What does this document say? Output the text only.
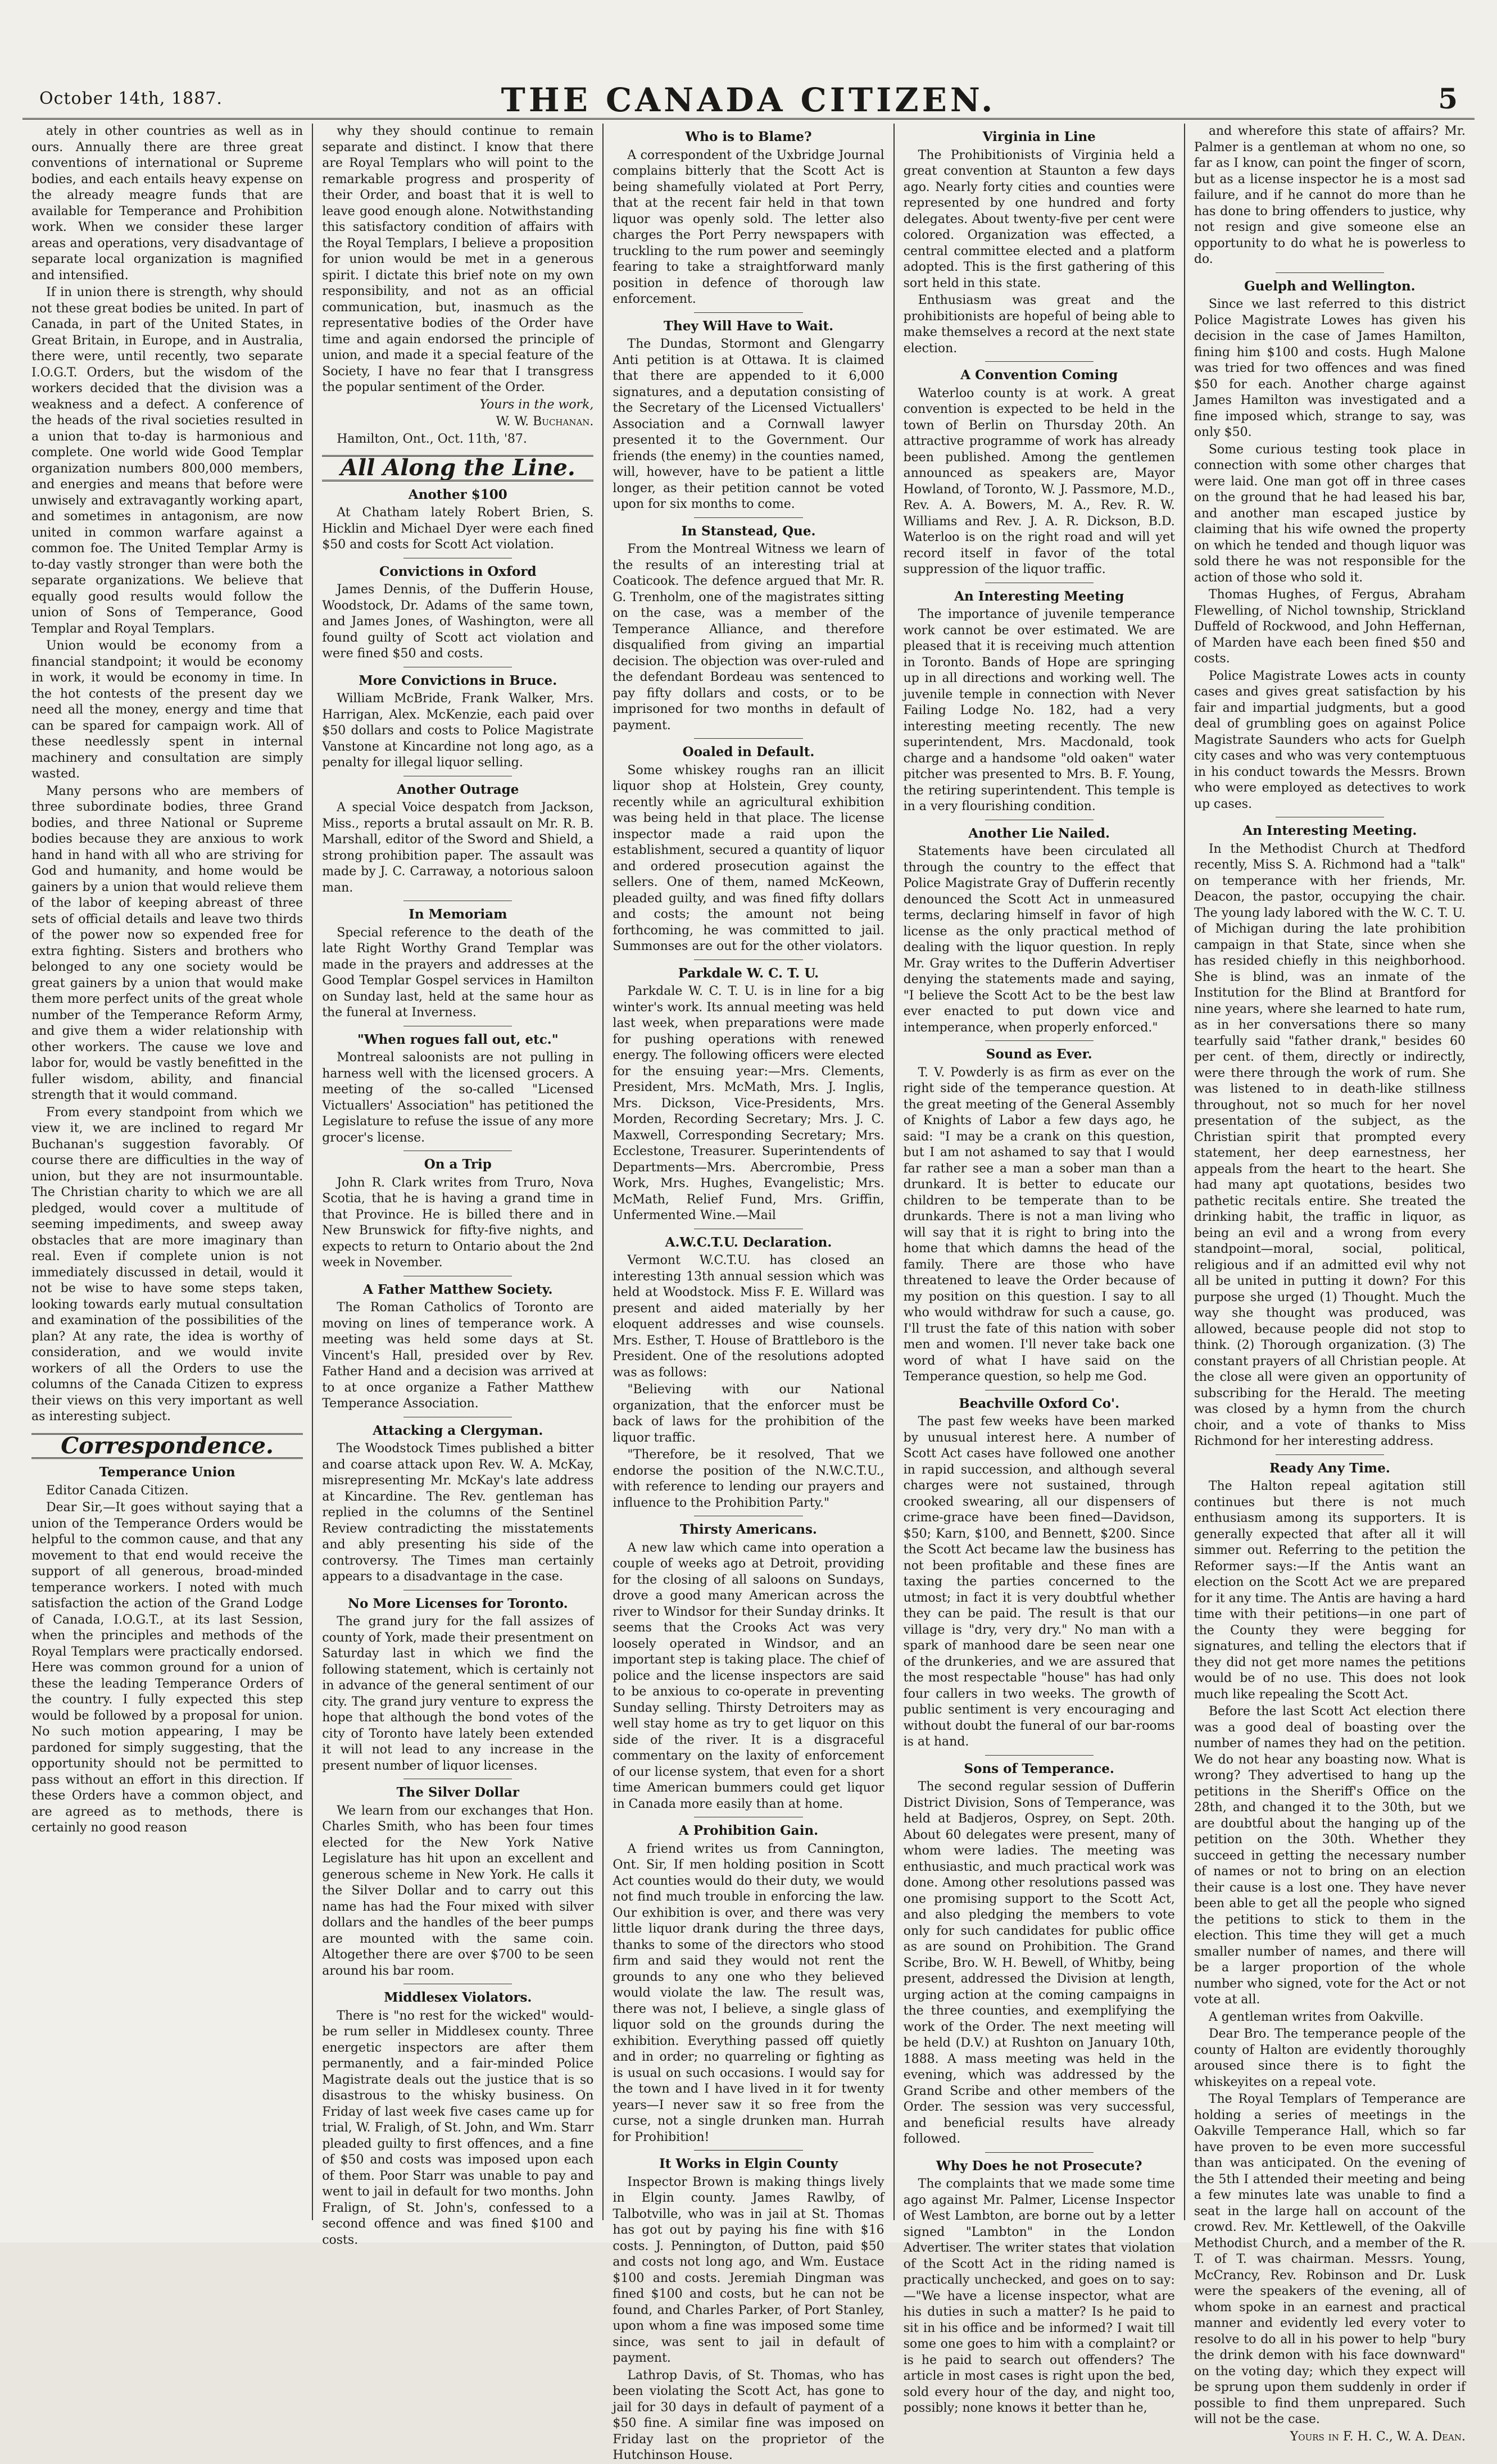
October 14th, 1887.	THE CANADA CITIZEN.	5

ately in other countries as well as in ours. Annually there are three great conventions of international or Supreme bodies, and each entails heavy expense on the already meagre funds that are available for Temperance and Prohibition work. When we consider these larger areas and operations, very disadvantage of separate local organization is magnified and intensified.

If in union there is strength, why should not these great bodies be united. In part of Canada, in part of the United States, in Great Britain, in Europe, and in Australia, there were, until recently, two separate I.O.G.T. Orders, but the wisdom of the workers decided that the division was a weakness and a defect. A conference of the heads of the rival societies resulted in a union that to-day is harmonious and complete. One world wide Good Templar organization numbers 800,000 members, and energies and means that before were unwisely and extravagantly working apart, and sometimes in antagonism, are now united in common warfare against a common foe. The United Templar Army is to-day vastly stronger than were both the separate organizations. We believe that equally good results would follow the union of Sons of Temperance, Good Templar and Royal Templars.

Union would be economy from a financial standpoint; it would be economy in work, it would be economy in time. In the hot contests of the present day we need all the money, energy and time that can be spared for campaign work. All of these needlessly spent in internal machinery and consultation are simply wasted.

Many persons who are members of three subordinate bodies, three Grand bodies, and three National or Supreme bodies because they are anxious to work hand in hand with all who are striving for God and humanity, and home would be gainers by a union that would relieve them of the labor of keeping abreast of three sets of official details and leave two thirds of the power now so expended free for extra fighting. Sisters and brothers who belonged to any one society would be great gainers by a union that would make them more perfect units of the great whole number of the Temperance Reform Army, and give them a wider relationship with other workers. The cause we love and labor for, would be vastly benefitted in the fuller wisdom, ability, and financial strength that it would command.

From every standpoint from which we view it, we are inclined to regard Mr Buchanan's suggestion favorably. Of course there are difficulties in the way of union, but they are not insurmountable. The Christian charity to which we are all pledged, would cover a multitude of seeming impediments, and sweep away obstacles that are more imaginary than real. Even if complete union is not immediately discussed in detail, would it not be wise to have some steps taken, looking towards early mutual consultation and examination of the possibilities of the plan? At any rate, the idea is worthy of consideration, and we would invite workers of all the Orders to use the columns of the Canada Citizen to express their views on this very important as well as interesting subject.

Correspondence.
Temperance Union

Editor Canada Citizen.

Dear Sir,—It goes without saying that a union of the Temperance Orders would be helpful to the common cause, and that any movement to that end would receive the support of all generous, broad-minded temperance workers. I noted with much satisfaction the action of the Grand Lodge of Canada, I.O.G.T., at its last Session, when the principles and methods of the Royal Templars were practically endorsed. Here was common ground for a union of these the leading Temperance Orders of the country. I fully expected this step would be followed by a proposal for union. No such motion appearing, I may be pardoned for simply suggesting, that the opportunity should not be permitted to pass without an effort in this direction. If these Orders have a common object, and are agreed as to methods, there is certainly no good reason

why they should continue to remain separate and distinct. I know that there are Royal Templars who will point to the remarkable progress and prosperity of their Order, and boast that it is well to leave good enough alone. Notwithstanding this satisfactory condition of affairs with the Royal Templars, I believe a proposition for union would be met in a generous spirit. I dictate this brief note on my own responsibility, and not as an official communication, but, inasmuch as the representative bodies of the Order have time and again endorsed the principle of union, and made it a special feature of the Society, I have no fear that I transgress the popular sentiment of the Order.

Yours in the work,

W. W. Buchanan.

Hamilton, Ont., Oct. 11th, '87.

All Along the Line.
Another $100

At Chatham lately Robert Brien, S. Hicklin and Michael Dyer were each fined $50 and costs for Scott Act violation.

Convictions in Oxford

James Dennis, of the Dufferin House, Woodstock, Dr. Adams of the same town, and James Jones, of Washington, were all found guilty of Scott act violation and were fined $50 and costs.

More Convictions in Bruce.

William McBride, Frank Walker, Mrs. Harrigan, Alex. McKenzie, each paid over $50 dollars and costs to Police Magistrate Vanstone at Kincardine not long ago, as a penalty for illegal liquor selling.

Another Outrage

A special Voice despatch from Jackson, Miss., reports a brutal assault on Mr. R. B. Marshall, editor of the Sword and Shield, a strong prohibition paper. The assault was made by J. C. Carraway, a notorious saloon man.

In Memoriam

Special reference to the death of the late Right Worthy Grand Templar was made in the prayers and addresses at the Good Templar Gospel services in Hamilton on Sunday last, held at the same hour as the funeral at Inverness.

"When rogues fall out, etc."

Montreal saloonists are not pulling in harness well with the licensed grocers. A meeting of the so-called "Licensed Victuallers' Association" has petitioned the Legislature to refuse the issue of any more grocer's license.

On a Trip

John R. Clark writes from Truro, Nova Scotia, that he is having a grand time in that Province. He is billed there and in New Brunswick for fifty-five nights, and expects to return to Ontario about the 2nd week in November.

A Father Matthew Society.

The Roman Catholics of Toronto are moving on lines of temperance work. A meeting was held some days at St. Vincent's Hall, presided over by Rev. Father Hand and a decision was arrived at to at once organize a Father Matthew Temperance Association.

Attacking a Clergyman.

The Woodstock Times published a bitter and coarse attack upon Rev. W. A. McKay, misrepresenting Mr. McKay's late address at Kincardine. The Rev. gentleman has replied in the columns of the Sentinel Review contradicting the misstatements and ably presenting his side of the controversy. The Times man certainly appears to a disadvantage in the case.

No More Licenses for Toronto.

The grand jury for the fall assizes of county of York, made their presentment on Saturday last in which we find the following statement, which is certainly not in advance of the general sentiment of our city. The grand jury venture to express the hope that although the bond votes of the city of Toronto have lately been extended it will not lead to any increase in the present number of liquor licenses.

The Silver Dollar

We learn from our exchanges that Hon. Charles Smith, who has been four times elected for the New York Native Legislature has hit upon an excellent and generous scheme in New York. He calls it the Silver Dollar and to carry out this name has had the Four mixed with silver dollars and the handles of the beer pumps are mounted with the same coin. Altogether there are over $700 to be seen around his bar room.

Middlesex Violators.

There is "no rest for the wicked" would-be rum seller in Middlesex county. Three energetic inspectors are after them permanently, and a fair-minded Police Magistrate deals out the justice that is so disastrous to the whisky business. On Friday of last week five cases came up for trial, W. Fraligh, of St. John, and Wm. Starr pleaded guilty to first offences, and a fine of $50 and costs was imposed upon each of them. Poor Starr was unable to pay and went to jail in default for two months. John Fralign, of St. John's, confessed to a second offence and was fined $100 and costs.

Who is to Blame?

A correspondent of the Uxbridge Journal complains bitterly that the Scott Act is being shamefully violated at Port Perry, that at the recent fair held in that town liquor was openly sold. The letter also charges the Port Perry newspapers with truckling to the rum power and seemingly fearing to take a straightforward manly position in defence of thorough law enforcement.

They Will Have to Wait.

The Dundas, Stormont and Glengarry Anti petition is at Ottawa. It is claimed that there are appended to it 6,000 signatures, and a deputation consisting of the Secretary of the Licensed Victuallers' Association and a Cornwall lawyer presented it to the Government. Our friends (the enemy) in the counties named, will, however, have to be patient a little longer, as their petition cannot be voted upon for six months to come.

In Stanstead, Que.

From the Montreal Witness we learn of the results of an interesting trial at Coaticook. The defence argued that Mr. R. G. Trenholm, one of the magistrates sitting on the case, was a member of the Temperance Alliance, and therefore disqualified from giving an impartial decision. The objection was over-ruled and the defendant Bordeau was sentenced to pay fifty dollars and costs, or to be imprisoned for two months in default of payment.

Ooaled in Default.

Some whiskey roughs ran an illicit liquor shop at Holstein, Grey county, recently while an agricultural exhibition was being held in that place. The license inspector made a raid upon the establishment, secured a quantity of liquor and ordered prosecution against the sellers. One of them, named McKeown, pleaded guilty, and was fined fifty dollars and costs; the amount not being forthcoming, he was committed to jail. Summonses are out for the other violators.

Parkdale W. C. T. U.

Parkdale W. C. T. U. is in line for a big winter's work. Its annual meeting was held last week, when preparations were made for pushing operations with renewed energy. The following officers were elected for the ensuing year:—Mrs. Clements, President, Mrs. McMath, Mrs. J. Inglis, Mrs. Dickson, Vice-Presidents, Mrs. Morden, Recording Secretary; Mrs. J. C. Maxwell, Corresponding Secretary; Mrs. Ecclestone, Treasurer. Superintendents of Departments—Mrs. Abercrombie, Press Work, Mrs. Hughes, Evangelistic; Mrs. McMath, Relief Fund, Mrs. Griffin, Unfermented Wine.—Mail

A.W.C.T.U. Declaration.

Vermont W.C.T.U. has closed an interesting 13th annual session which was held at Woodstock. Miss F. E. Willard was present and aided materially by her eloquent addresses and wise counsels. Mrs. Esther, T. House of Brattleboro is the President. One of the resolutions adopted was as follows:

"Believing with our National organization, that the enforcer must be back of laws for the prohibition of the liquor traffic.

"Therefore, be it resolved, That we endorse the position of the N.W.C.T.U., with reference to lending our prayers and influence to the Prohibition Party."

Thirsty Americans.

A new law which came into operation a couple of weeks ago at Detroit, providing for the closing of all saloons on Sundays, drove a good many American across the river to Windsor for their Sunday drinks. It seems that the Crooks Act was very loosely operated in Windsor, and an important step is taking place. The chief of police and the license inspectors are said to be anxious to co-operate in preventing Sunday selling. Thirsty Detroiters may as well stay home as try to get liquor on this side of the river. It is a disgraceful commentary on the laxity of enforcement of our license system, that even for a short time American bummers could get liquor in Canada more easily than at home.

A Prohibition Gain.

A friend writes us from Cannington, Ont. Sir, If men holding position in Scott Act counties would do their duty, we would not find much trouble in enforcing the law. Our exhibition is over, and there was very little liquor drank during the three days, thanks to some of the directors who stood firm and said they would not rent the grounds to any one who they believed would violate the law. The result was, there was not, I believe, a single glass of liquor sold on the grounds during the exhibition. Everything passed off quietly and in order; no quarreling or fighting as is usual on such occasions. I would say for the town and I have lived in it for twenty years—I never saw it so free from the curse, not a single drunken man. Hurrah for Prohibition!

It Works in Elgin County

Inspector Brown is making things lively in Elgin county. James Rawlby, of Talbotville, who was in jail at St. Thomas has got out by paying his fine with $16 costs. J. Pennington, of Dutton, paid $50 and costs not long ago, and Wm. Eustace $100 and costs. Jeremiah Dingman was fined $100 and costs, but he can not be found, and Charles Parker, of Port Stanley, upon whom a fine was imposed some time since, was sent to jail in default of payment.

Lathrop Davis, of St. Thomas, who has been violating the Scott Act, has gone to jail for 30 days in default of payment of a $50 fine. A similar fine was imposed on Friday last on the proprietor of the Hutchinson House.

Virginia in Line

The Prohibitionists of Virginia held a great convention at Staunton a few days ago. Nearly forty cities and counties were represented by one hundred and forty delegates. About twenty-five per cent were colored. Organization was effected, a central committee elected and a platform adopted. This is the first gathering of this sort held in this state.

Enthusiasm was great and the prohibitionists are hopeful of being able to make themselves a record at the next state election.

A Convention Coming

Waterloo county is at work. A great convention is expected to be held in the town of Berlin on Thursday 20th. An attractive programme of work has already been published. Among the gentlemen announced as speakers are, Mayor Howland, of Toronto, W. J. Passmore, M.D., Rev. A. A. Bowers, M. A., Rev. R. W. Williams and Rev. J. A. R. Dickson, B.D. Waterloo is on the right road and will yet record itself in favor of the total suppression of the liquor traffic.

An Interesting Meeting

The importance of juvenile temperance work cannot be over estimated. We are pleased that it is receiving much attention in Toronto. Bands of Hope are springing up in all directions and working well. The juvenile temple in connection with Never Failing Lodge No. 182, had a very interesting meeting recently. The new superintendent, Mrs. Macdonald, took charge and a handsome "old oaken" water pitcher was presented to Mrs. B. F. Young, the retiring superintendent. This temple is in a very flourishing condition.

Another Lie Nailed.

Statements have been circulated all through the country to the effect that Police Magistrate Gray of Dufferin recently denounced the Scott Act in unmeasured terms, declaring himself in favor of high license as the only practical method of dealing with the liquor question. In reply Mr. Gray writes to the Dufferin Advertiser denying the statements made and saying, "I believe the Scott Act to be the best law ever enacted to put down vice and intemperance, when properly enforced."

Sound as Ever.

T. V. Powderly is as firm as ever on the right side of the temperance question. At the great meeting of the General Assembly of Knights of Labor a few days ago, he said: "I may be a crank on this question, but I am not ashamed to say that I would far rather see a man a sober man than a drunkard. It is better to educate our children to be temperate than to be drunkards. There is not a man living who will say that it is right to bring into the home that which damns the head of the family. There are those who have threatened to leave the Order because of my position on this question. I say to all who would withdraw for such a cause, go. I'll trust the fate of this nation with sober men and women. I'll never take back one word of what I have said on the Temperance question, so help me God.

Beachville Oxford Co'.

The past few weeks have been marked by unusual interest here. A number of Scott Act cases have followed one another in rapid succession, and although several charges were not sustained, through crooked swearing, all our dispensers of crime-grace have been fined—Davidson, $50; Karn, $100, and Bennett, $200. Since the Scott Act became law the business has not been profitable and these fines are taxing the parties concerned to the utmost; in fact it is very doubtful whether they can be paid. The result is that our village is "dry, very dry." No man with a spark of manhood dare be seen near one of the drunkeries, and we are assured that the most respectable "house" has had only four callers in two weeks. The growth of public sentiment is very encouraging and without doubt the funeral of our bar-rooms is at hand.

Sons of Temperance.

The second regular session of Dufferin District Division, Sons of Temperance, was held at Badjeros, Osprey, on Sept. 20th. About 60 delegates were present, many of whom were ladies. The meeting was enthusiastic, and much practical work was done. Among other resolutions passed was one promising support to the Scott Act, and also pledging the members to vote only for such candidates for public office as are sound on Prohibition. The Grand Scribe, Bro. W. H. Bewell, of Whitby, being present, addressed the Division at length, urging action at the coming campaigns in the three counties, and exemplifying the work of the Order. The next meeting will be held (D.V.) at Rushton on January 10th, 1888. A mass meeting was held in the evening, which was addressed by the Grand Scribe and other members of the Order. The session was very successful, and beneficial results have already followed.

Why Does he not Prosecute?

The complaints that we made some time ago against Mr. Palmer, License Inspector of West Lambton, are borne out by a letter signed "Lambton" in the London Advertiser. The writer states that violation of the Scott Act in the riding named is practically unchecked, and goes on to say:—"We have a license inspector, what are his duties in such a matter? Is he paid to sit in his office and be informed? I wait till some one goes to him with a complaint? or is he paid to search out offenders? The article in most cases is right upon the bed, sold every hour of the day, and night too, possibly; none knows it better than he,

and wherefore this state of affairs? Mr. Palmer is a gentleman at whom no one, so far as I know, can point the finger of scorn, but as a license inspector he is a most sad failure, and if he cannot do more than he has done to bring offenders to justice, why not resign and give someone else an opportunity to do what he is powerless to do.

Guelph and Wellington.

Since we last referred to this district Police Magistrate Lowes has given his decision in the case of James Hamilton, fining him $100 and costs. Hugh Malone was tried for two offences and was fined $50 for each. Another charge against James Hamilton was investigated and a fine imposed which, strange to say, was only $50.

Some curious testing took place in connection with some other charges that were laid. One man got off in three cases on the ground that he had leased his bar, and another man escaped justice by claiming that his wife owned the property on which he tended and though liquor was sold there he was not responsible for the action of those who sold it.

Thomas Hughes, of Fergus, Abraham Flewelling, of Nichol township, Strickland Duffeld of Rockwood, and John Heffernan, of Marden have each been fined $50 and costs.

Police Magistrate Lowes acts in county cases and gives great satisfaction by his fair and impartial judgments, but a good deal of grumbling goes on against Police Magistrate Saunders who acts for Guelph city cases and who was very contemptuous in his conduct towards the Messrs. Brown who were employed as detectives to work up cases.

An Interesting Meeting.

In the Methodist Church at Thedford recently, Miss S. A. Richmond had a "talk" on temperance with her friends, Mr. Deacon, the pastor, occupying the chair. The young lady labored with the W. C. T. U. of Michigan during the late prohibition campaign in that State, since when she has resided chiefly in this neighborhood. She is blind, was an inmate of the Institution for the Blind at Brantford for nine years, where she learned to hate rum, as in her conversations there so many tearfully said "father drank," besides 60 per cent. of them, directly or indirectly, were there through the work of rum. She was listened to in death-like stillness throughout, not so much for her novel presentation of the subject, as the Christian spirit that prompted every statement, her deep earnestness, her appeals from the heart to the heart. She had many apt quotations, besides two pathetic recitals entire. She treated the drinking habit, the traffic in liquor, as being an evil and a wrong from every standpoint—moral, social, political, religious and if an admitted evil why not all be united in putting it down? For this purpose she urged (1) Thought. Much the way she thought was produced, was allowed, because people did not stop to think. (2) Thorough organization. (3) The constant prayers of all Christian people. At the close all were given an opportunity of subscribing for the Herald. The meeting was closed by a hymn from the church choir, and a vote of thanks to Miss Richmond for her interesting address.

Ready Any Time.

The Halton repeal agitation still continues but there is not much enthusiasm among its supporters. It is generally expected that after all it will simmer out. Referring to the petition the Reformer says:—If the Antis want an election on the Scott Act we are prepared for it any time. The Antis are having a hard time with their petitions—in one part of the County they were begging for signatures, and telling the electors that if they did not get more names the petitions would be of no use. This does not look much like repealing the Scott Act.

Before the last Scott Act election there was a good deal of boasting over the number of names they had on the petition. We do not hear any boasting now. What is wrong? They advertised to hang up the petitions in the Sheriff's Office on the 28th, and changed it to the 30th, but we are doubtful about the hanging up of the petition on the 30th. Whether they succeed in getting the necessary number of names or not to bring on an election their cause is a lost one. They have never been able to get all the people who signed the petitions to stick to them in the election. This time they will get a much smaller number of names, and there will be a larger proportion of the whole number who signed, vote for the Act or not vote at all.

A gentleman writes from Oakville.

Dear Bro. The temperance people of the county of Halton are evidently thoroughly aroused since there is to fight the whiskeyites on a repeal vote.

The Royal Templars of Temperance are holding a series of meetings in the Oakville Temperance Hall, which so far have proven to be even more successful than was anticipated. On the evening of the 5th I attended their meeting and being a few minutes late was unable to find a seat in the large hall on account of the crowd. Rev. Mr. Kettlewell, of the Oakville Methodist Church, and a member of the R. T. of T. was chairman. Messrs. Young, McCrancy, Rev. Robinson and Dr. Lusk were the speakers of the evening, all of whom spoke in an earnest and practical manner and evidently led every voter to resolve to do all in his power to help "bury the drink demon with his face downward" on the voting day; which they expect will be sprung upon them suddenly in order if possible to find them unprepared. Such will not be the case.

Yours in F. H. C., W. A. Dean.
